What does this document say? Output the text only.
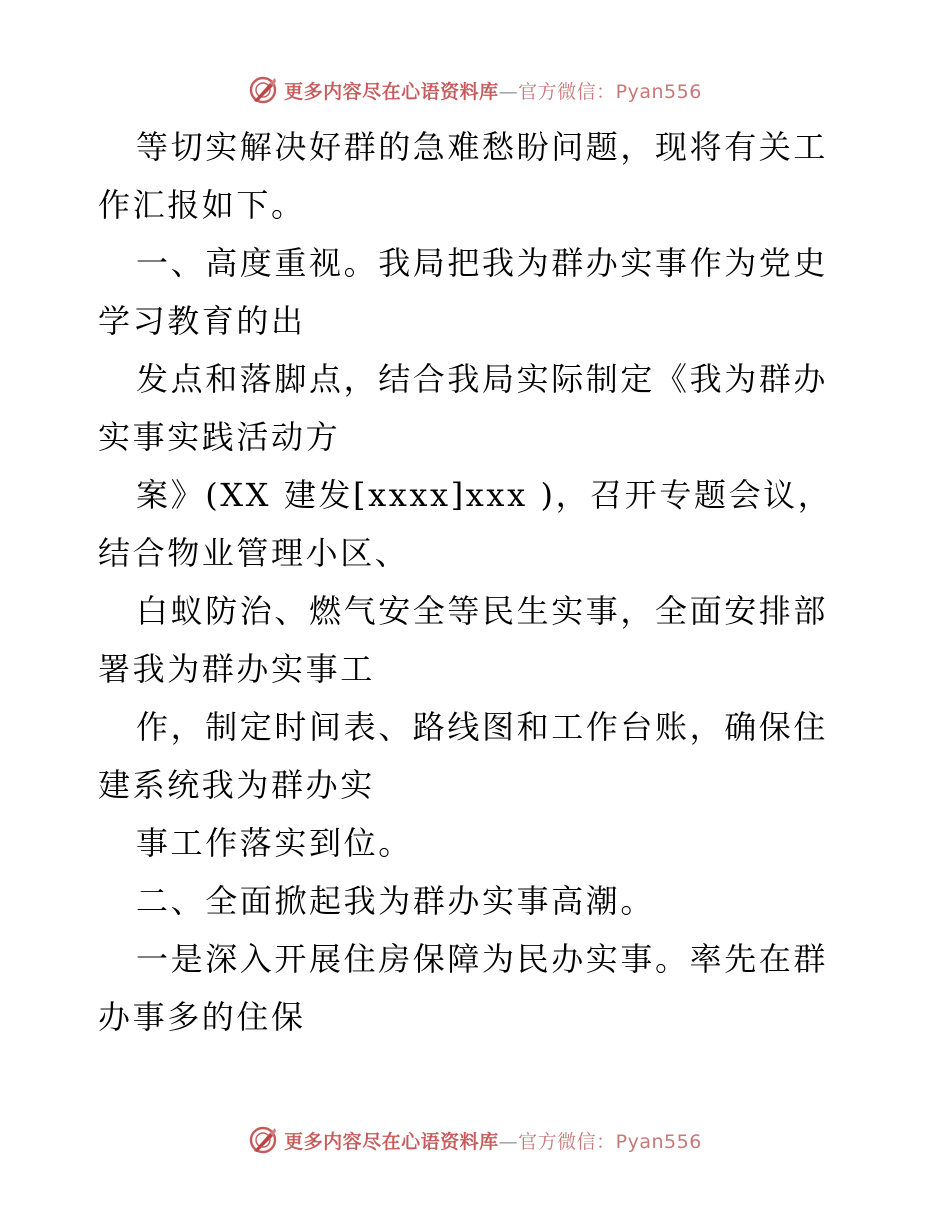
更多内容尽在心语资料库—官方微信：Pyan556

等切实解决好群的急难愁盼问题，现将有关工作汇报如下。

一、高度重视。我局把我为群办实事作为党史学习教育的出

发点和落脚点，结合我局实际制定《我为群办实事实践活动方

案》(XX 建发[xxxx]xxx )，召开专题会议，结合物业管理小区、

白蚁防治、燃气安全等民生实事，全面安排部署我为群办实事工

作，制定时间表、路线图和工作台账，确保住建系统我为群办实

事工作落实到位。

二、全面掀起我为群办实事高潮。

一是深入开展住房保障为民办实事。率先在群办事多的住保

更多内容尽在心语资料库—官方微信：Pyan556
